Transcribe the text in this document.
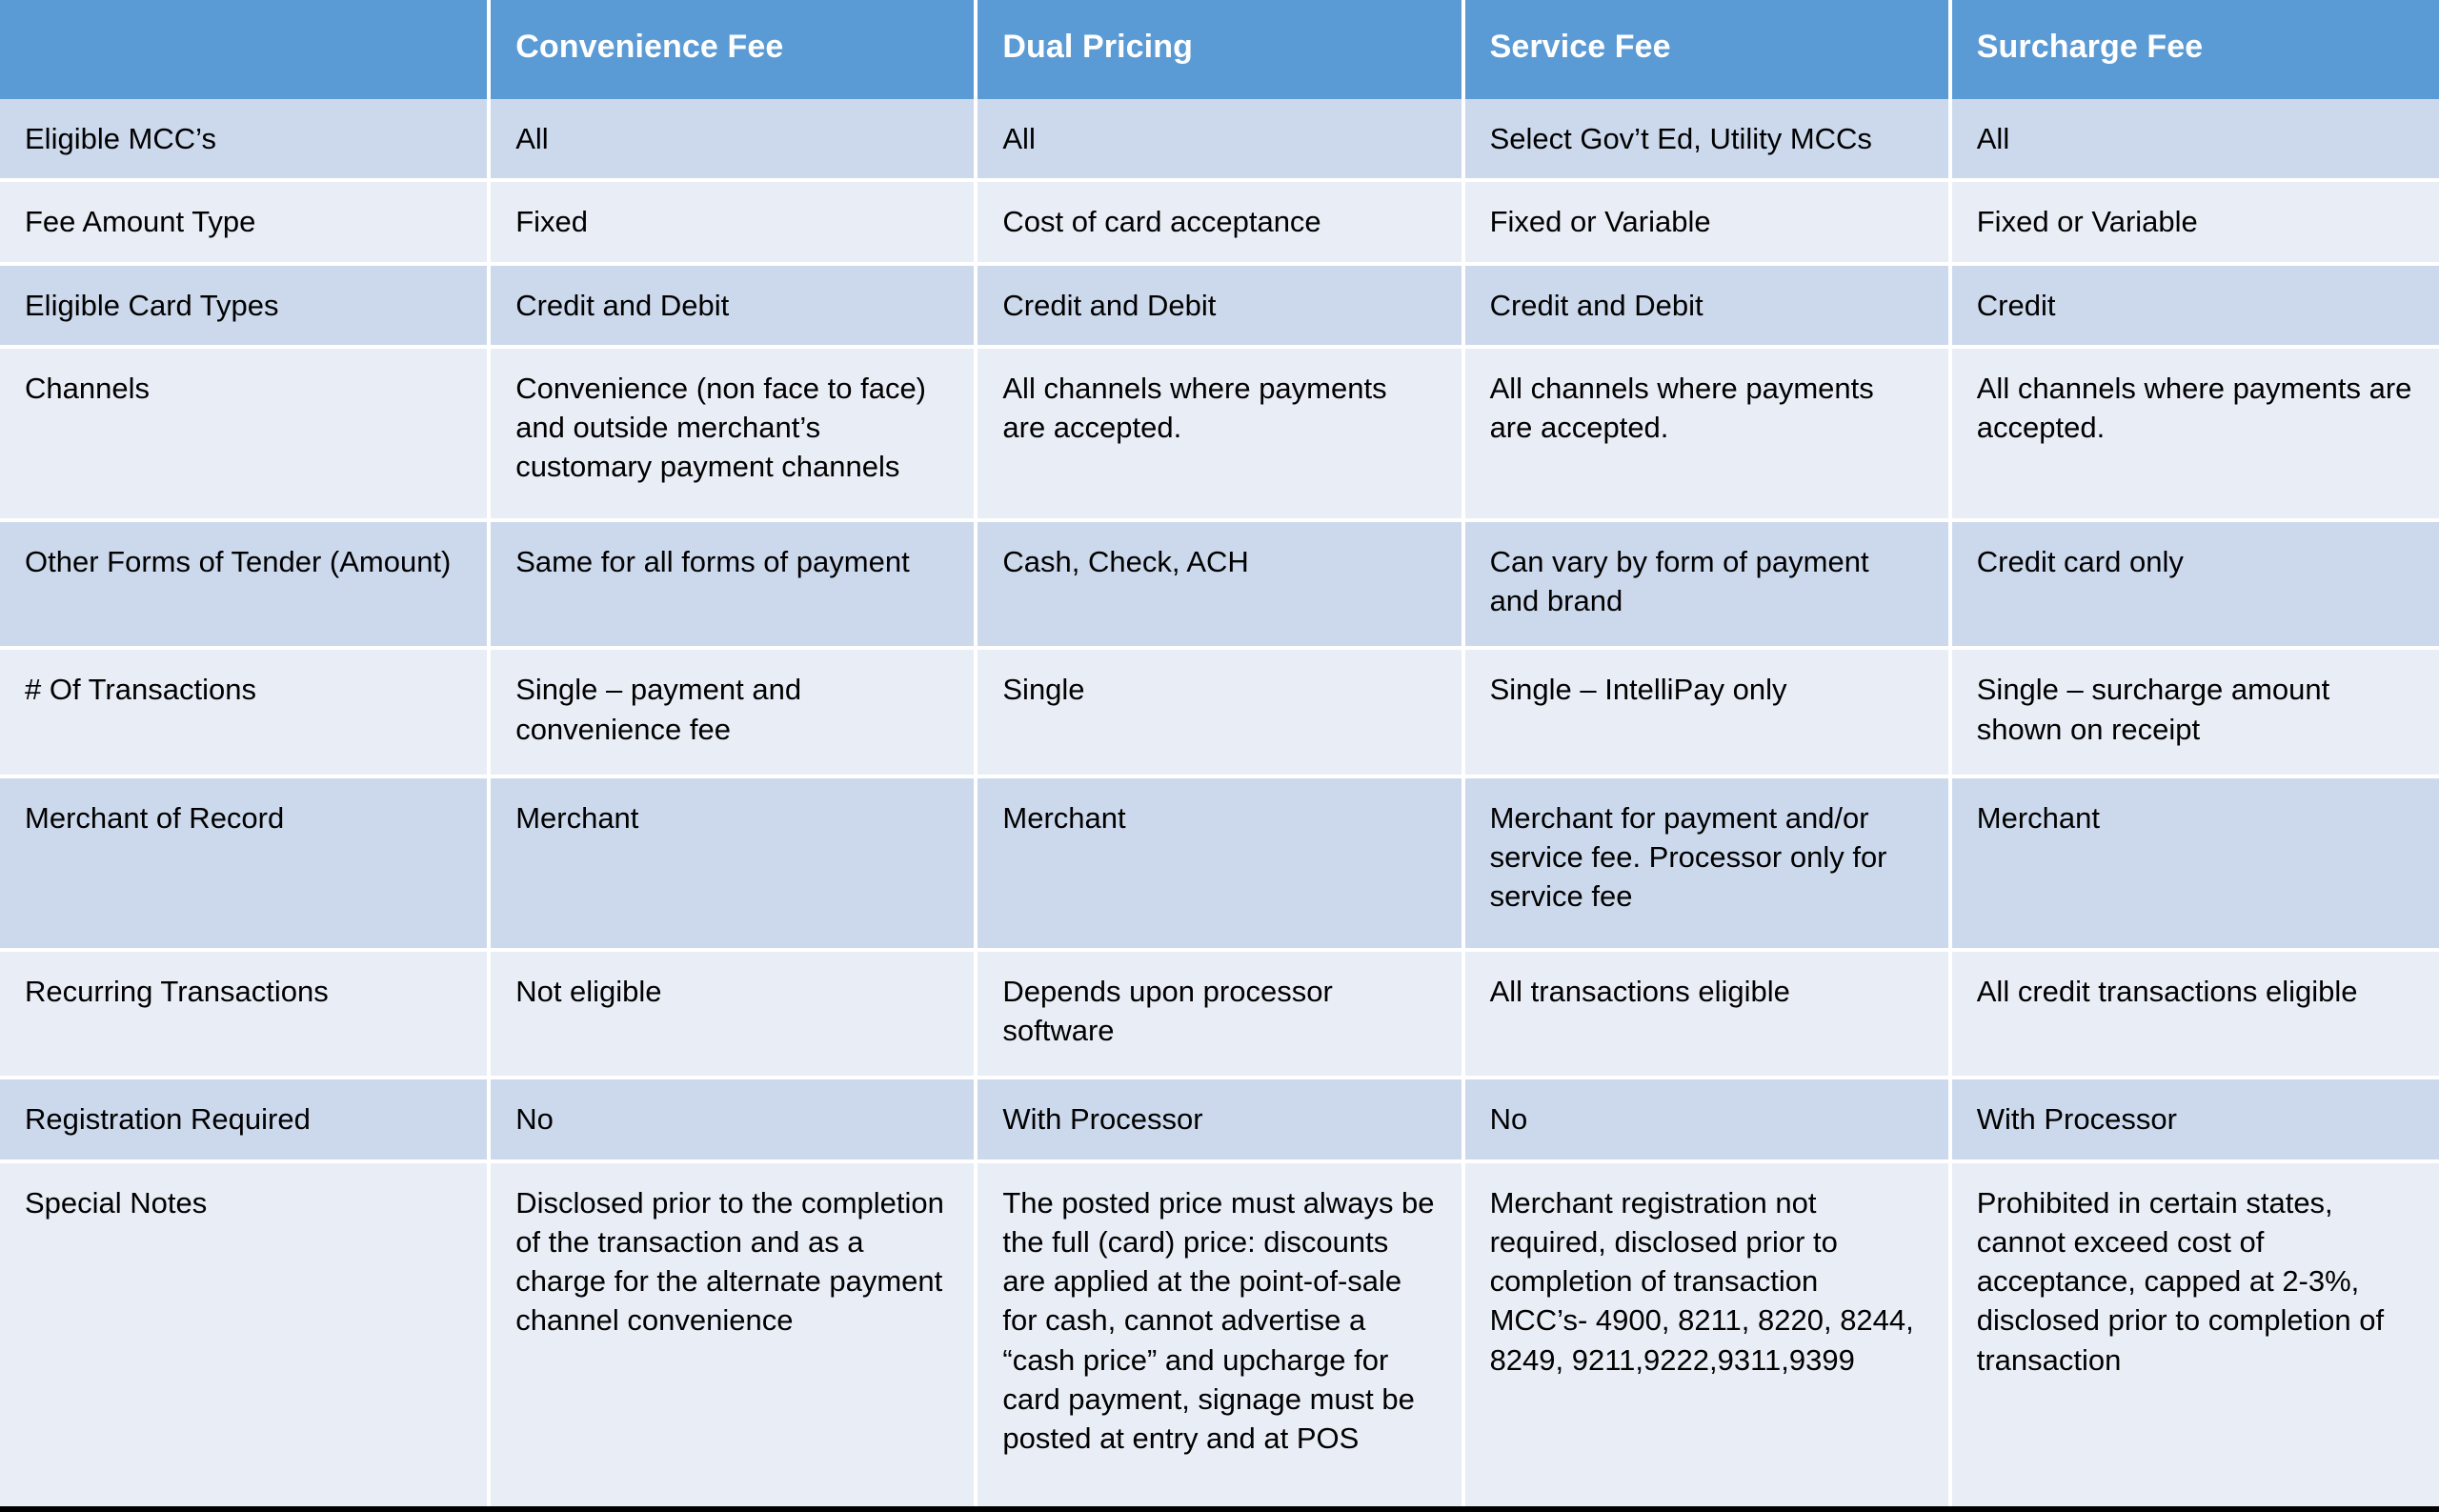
	Convenience Fee	Dual Pricing	Service Fee	Surcharge Fee
Eligible MCC’s	All	All	Select Gov’t Ed, Utility MCCs	All
Fee Amount Type	Fixed	Cost of card acceptance	Fixed or Variable	Fixed or Variable
Eligible Card Types	Credit and Debit	Credit and Debit	Credit and Debit	Credit
Channels	Convenience (non face to face) and outside merchant’s customary payment channels	All channels where payments are accepted.	All channels where payments are accepted.	All channels where payments are accepted.
Other Forms of Tender (Amount)	Same for all forms of payment	Cash, Check, ACH	Can vary by form of payment and brand	Credit card only
# Of Transactions	Single – payment and convenience fee	Single	Single – IntelliPay only	Single – surcharge amount shown on receipt
Merchant of Record	Merchant	Merchant	Merchant for payment and/or service fee. Processor only for service fee	Merchant
Recurring Transactions	Not eligible	Depends upon processor software	All transactions eligible	All credit transactions eligible
Registration Required	No	With Processor	No	With Processor
Special Notes	Disclosed prior to the completion of the transaction and as a charge for the alternate payment channel convenience	The posted price must always be the full (card) price: discounts are applied at the point-of-sale for cash, cannot advertise a “cash price” and upcharge for card payment, signage must be posted at entry and at POS	Merchant registration not required, disclosed prior to completion of transaction MCC’s- 4900, 8211, 8220, 8244, 8249, 9211,9222,9311,9399	Prohibited in certain states, cannot exceed cost of acceptance, capped at 2-3%, disclosed prior to completion of transaction
